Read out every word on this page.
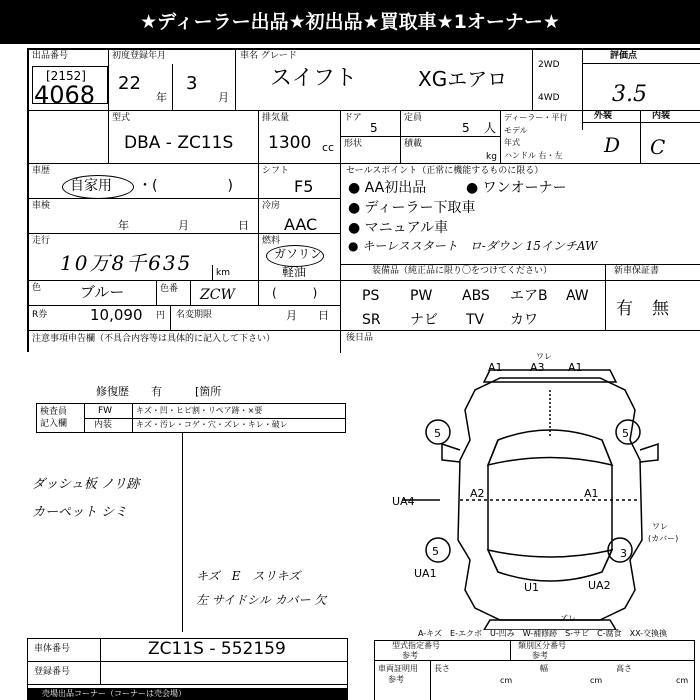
★ディーラー出品★初出品★買取車★1オーナー★
出品番号
[2152]
4068
初度登録年月
22
年
3
月
車名 グレード
スイフト	XGエアロ
2WD
4WD
評価点
3.5
型式
DBA - ZC11S
排気量
1300 cc
ドア
5
定員
5 人
形状	積載
kg
ディーラー・平行
モデル
年式
ハンドル 右・左
外装	内装
D C
車歴
自家用 ・(　　　　　)
シフト
F5
車検
年	月	日
冷房
AAC
走行
10万8千635	km
燃料
ガソリン
軽油
(　　　)
色	ブルー	色番 ZCW
R券	10,090 円 名変期限	月 日
注意事項申告欄（不具合内容等は具体的に記入して下さい）
セールスポイント（正常に機能するものに限る）
● AA初出品	● ワンオーナー
● ディーラー下取車
● マニュアル車
● キーレススタート　ロ-ダウン 15インチAW
装備品（純正品に限り〇をつけてください）	新車保証書
PS PW ABS エアB AW
SR ナビ TV カワ
有 無
後日品
修復歴　　有　　　[箇所
検査員
記入欄
FW
内装
キズ・凹・ヒビ割・リペア跡・×要
キズ・汚レ・コゲ・穴・ズレ・キレ・破レ
ダッシュ板 ノリ跡
カーペット シミ
キズ　E　スリキズ
左 サイドシル カバー 欠
A1 A3 A1
ワレ
5	5
A2	A1
UA4
ワレ
(カバー)
3
5
UA1
U1	UA2
ズレ
A-キズ　E-エクボ　U-凹み　W-補修跡　S-サビ　C-腐食　XX-交換換
車体番号	ZC11S - 552159
登録番号
売場出品コーナー（コーナーは売会場）
型式指定番号
参考
類別区分番号
参考
車両証明用
参考
長さ	幅	高さ
cm	cm	cm
